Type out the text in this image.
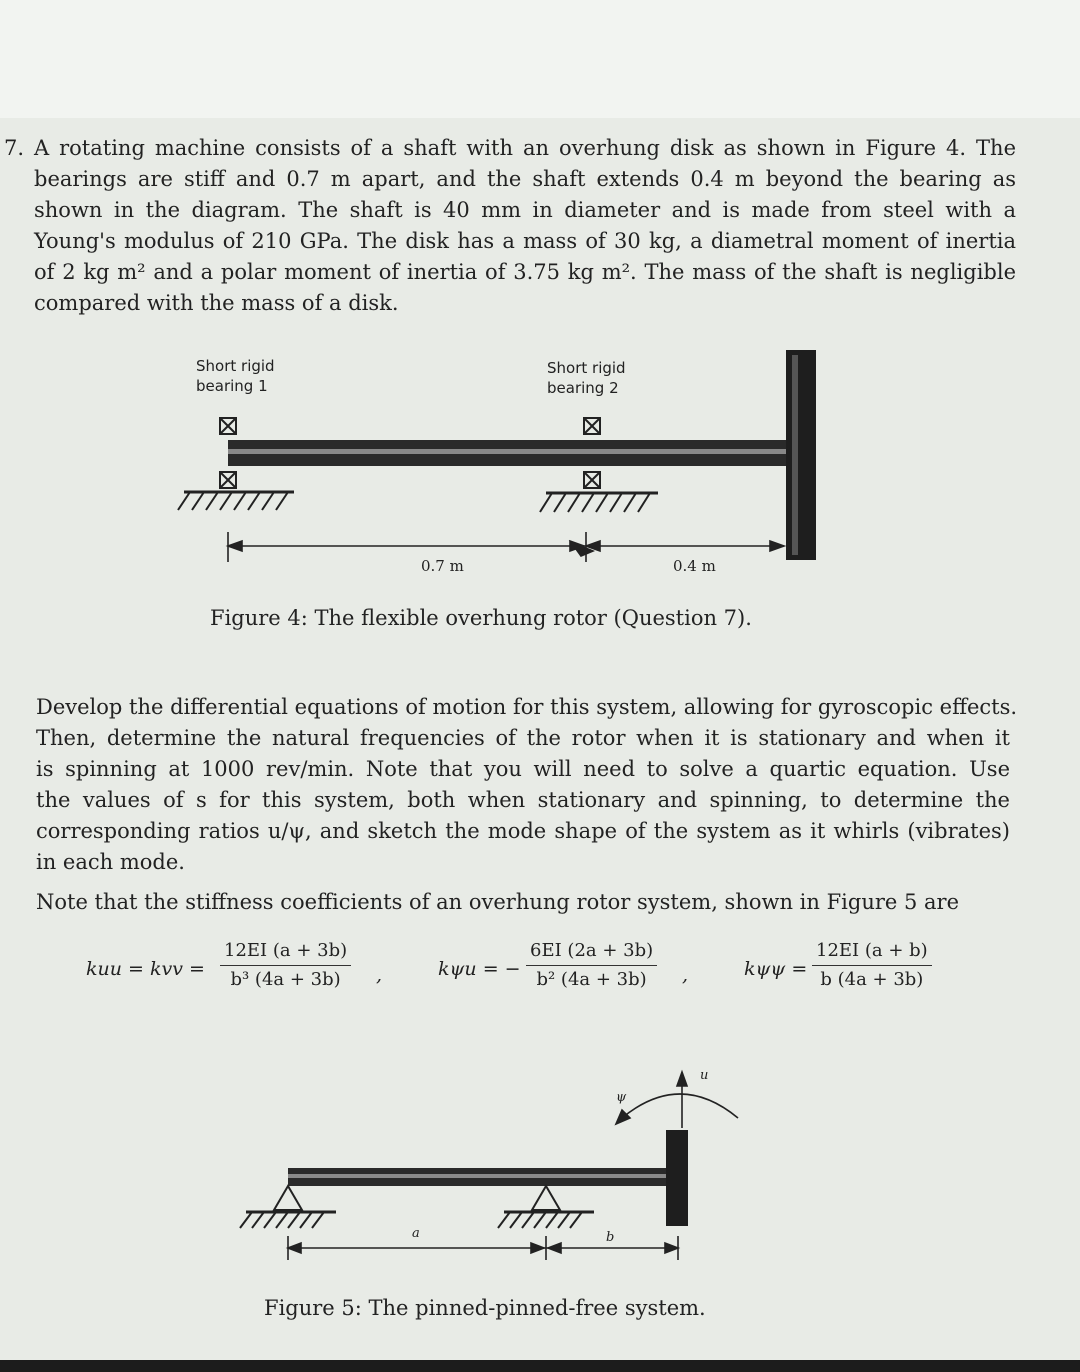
7. A rotating machine consists of a shaft with an overhung disk as shown in Figure 4. The
bearings are stiff and 0.7 m apart, and the shaft extends 0.4 m beyond the bearing as
shown in the diagram. The shaft is 40 mm in diameter and is made from steel with a
Young's modulus of 210 GPa. The disk has a mass of 30 kg, a diametral moment of inertia
of 2 kg m² and a polar moment of inertia of 3.75 kg m². The mass of the shaft is negligible
compared with the mass of a disk.

Short rigid
bearing 1

Short rigid
bearing 2

0.7 m	0.4 m

Figure 4: The flexible overhung rotor (Question 7).

Develop the differential equations of motion for this system, allowing for gyroscopic effects.
Then, determine the natural frequencies of the rotor when it is stationary and when it
is spinning at 1000 rev/min. Note that you will need to solve a quartic equation. Use
the values of s for this system, both when stationary and spinning, to determine the
corresponding ratios u/ψ, and sketch the mode shape of the system as it whirls (vibrates)
in each mode.

Note that the stiffness coefficients of an overhung rotor system, shown in Figure 5 are

kuu = kvv = $\frac{12EI (a + 3b)}{\text{b³ (4a + 3b)}}$ ,	kψu = − $\frac{6EI (2a + 3b)}{\text{b² (4a + 3b)}}$ ,	$k\psi\psi = \frac{12EI (a + b)}{b (4a + 3b)}$

ψ

u

a	b

Figure 5: The pinned-pinned-free system.
